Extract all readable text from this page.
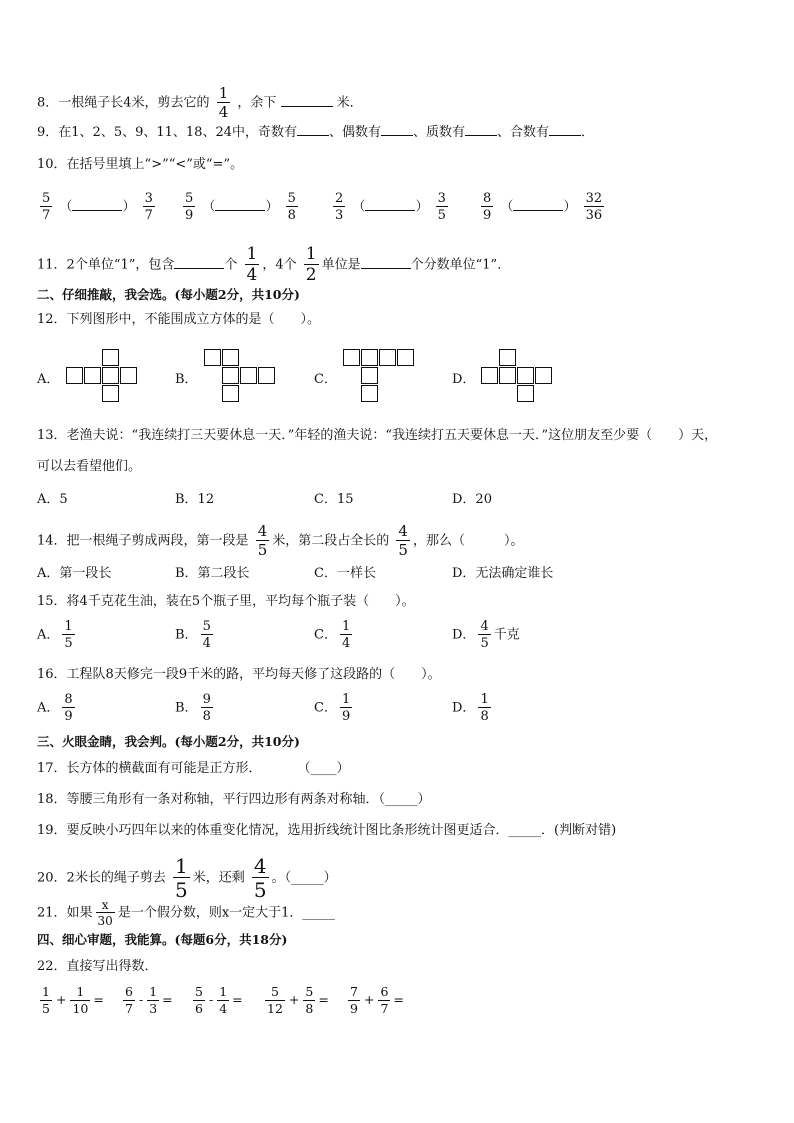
8．一根绳子长4米，剪去它的 $\frac{1}{4}$ ，余下	米．
9．在1、2、5、9、11、18、24中，奇数有 、偶数有 、质数有 、合数有 ．
10．在括号里填上“>”“<”或“=”。
$\frac{5}{7}$ （	） $\frac{3}{7} \frac{5}{9}$ （	） $\frac{5}{8}$	$\frac{2}{3}$ （	） $\frac{3}{5}$	$\frac{8}{9}$ （	） $\frac{32}{36}$
11．2个单位“1”，包含	个 $\frac{1}{4}$ ，4个 $\frac{1}{2}$ 单位是	个分数单位“1”．
二、仔细推敲，我会选。(每小题2分，共10分)
12．下列图形中，不能围成立方体的是（　　）。
A．	B．	C．	D．
13．老渔夫说：“我连续打三天要休息一天．”年轻的渔夫说：“我连续打五天要休息一天．”这位朋友至少要（　　）天，
可以去看望他们。
A．5	B．12	C．15	D．20
14．把一根绳子剪成两段，第一段是 $\frac{4}{5}$ 米，第二段占全长的 $\frac{4}{5}$ ，那么（　　　）。
A．第一段长	B．第二段长	C．一样长	D．无法确定谁长
15．将4千克花生油，装在5个瓶子里，平均每个瓶子装（　　）。
A． $\frac{1}{5}$	B． $\frac{5}{4}$	C． $\frac{1}{4}$	D． $\frac{4}{5}$ 千克
16．工程队8天修完一段9千米的路，平均每天修了这段路的（　　）。
A． $\frac{8}{9}$	B． $\frac{9}{8}$	C． $\frac{1}{9}$	D． $\frac{1}{8}$
三、火眼金睛，我会判。(每小题2分，共10分)
17．长方体的横截面有可能是正方形．	（____）
18．等腰三角形有一条对称轴，平行四边形有两条对称轴．（_____）
19．要反映小巧四年以来的体重变化情况，选用折线统计图比条形统计图更适合．_____．(判断对错)
20．2米长的绳子剪去 $\frac{1}{5}$ 米，还剩 $\frac{4}{5}$ 。（_____）
21．如果 $\frac{x}{30}$ 是一个假分数，则x一定大于1．_____
四、细心审题，我能算。(每题6分，共18分)
22．直接写出得数．
$\frac{1}{5} + \frac{1}{10} = \frac{6}{7} - \frac{1}{3} = \frac{5}{6} - \frac{1}{4} = \frac{5}{12} + \frac{5}{8} = \frac{7}{9} + \frac{6}{7}$ =
